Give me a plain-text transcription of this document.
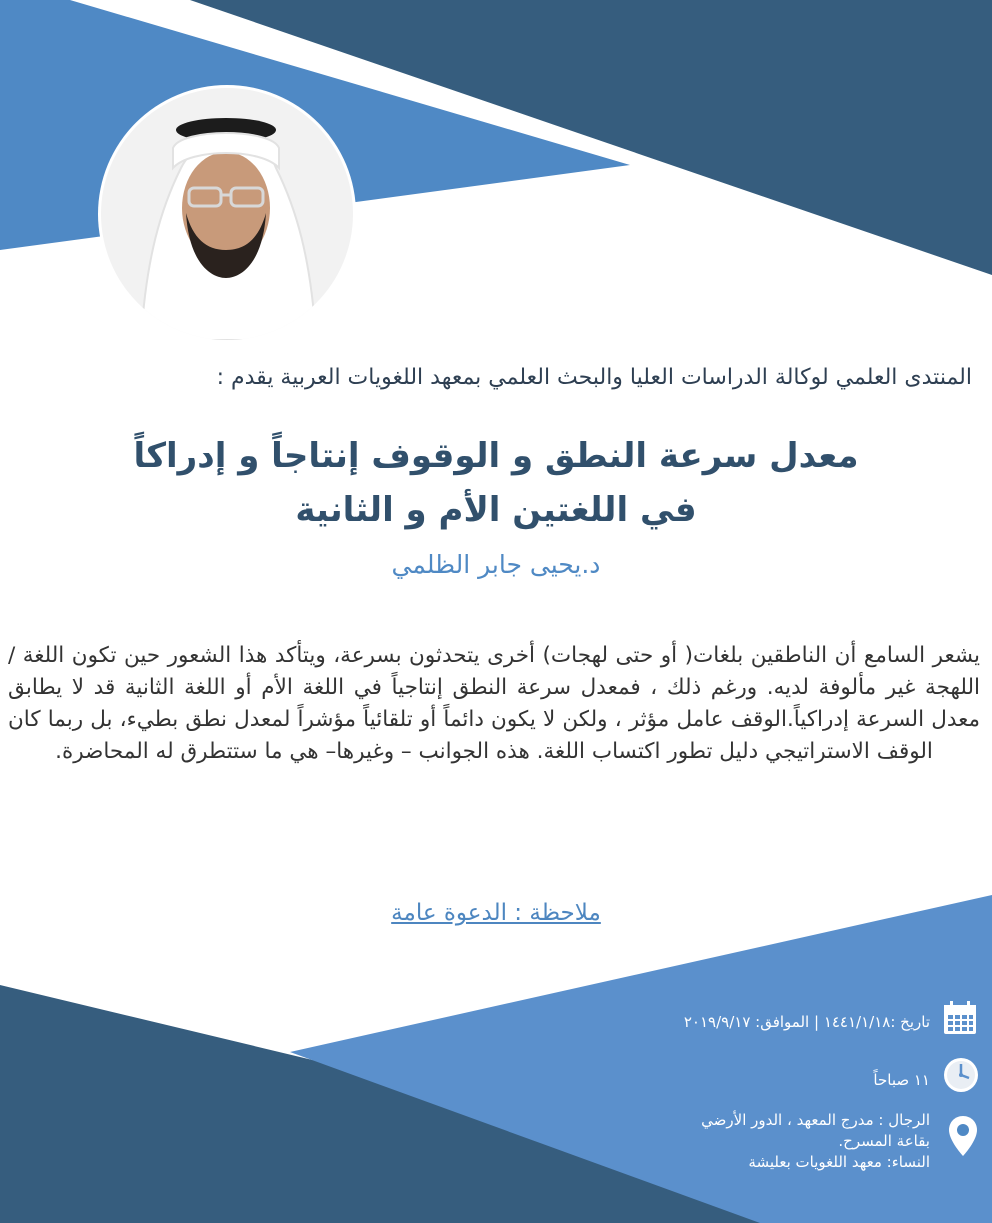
المنتدى العلمي لوكالة الدراسات العليا والبحث العلمي بمعهد اللغويات العربية يقدم :
معدل سرعة النطق و الوقوف إنتاجاً و إدراكاً
في اللغتين الأم و الثانية
د.يحيى جابر الظلمي
يشعر السامع أن الناطقين بلغات( أو حتى لهجات) أخرى يتحدثون بسرعة، ويتأكد هذا الشعور حين تكون اللغة / اللهجة غير مألوفة لديه. ورغم ذلك ، فمعدل سرعة النطق إنتاجياً في اللغة الأم أو اللغة الثانية قد لا يطابق معدل السرعة إدراكياً.الوقف عامل مؤثر ، ولكن لا يكون دائماً أو تلقائياً مؤشراً لمعدل نطق بطيء، بل ربما كان الوقف الاستراتيجي دليل تطور اكتساب اللغة. هذه الجوانب – وغيرها– هي ما ستتطرق له المحاضرة.
ملاحظة : الدعوة عامة
تاريخ :١٤٤١/١/١٨ | الموافق: ٢٠١٩/٩/١٧
١١ صباحاً
الرجال : مدرج المعهد ، الدور الأرضي
بقاعة المسرح.
النساء: معهد اللغويات بعليشة
